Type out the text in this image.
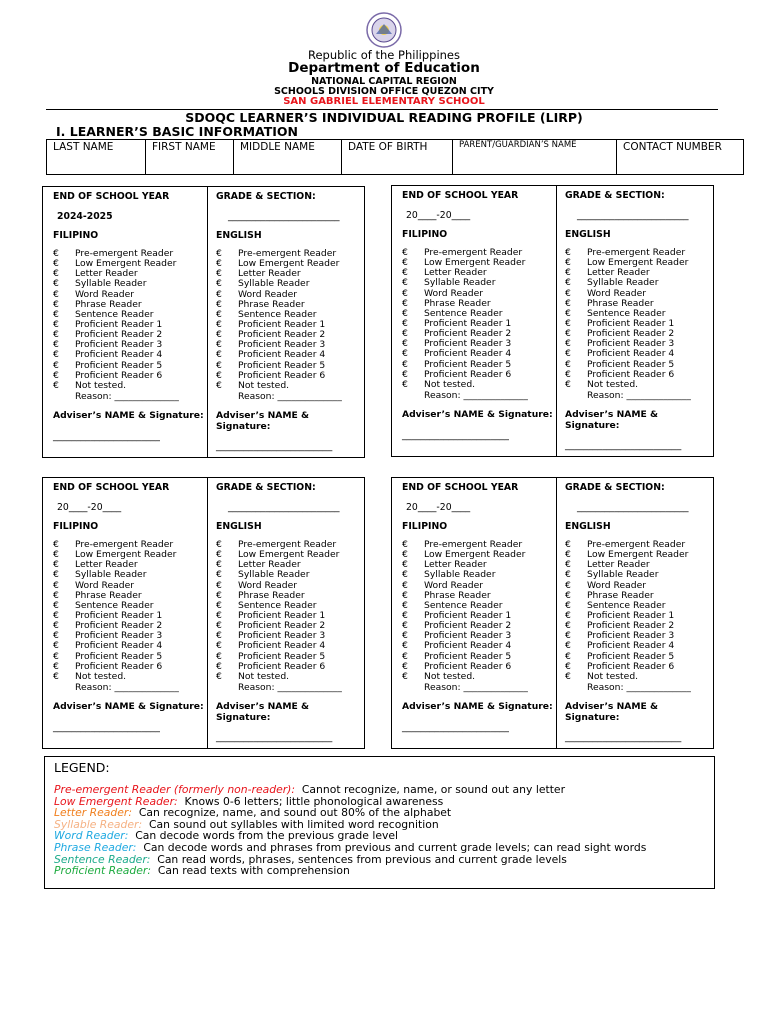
Republic of the Philippines
Department of Education
NATIONAL CAPITAL REGION
SCHOOLS DIVISION OFFICE QUEZON CITY
SAN GABRIEL ELEMENTARY SCHOOL
SDOQC LEARNER’S INDIVIDUAL READING PROFILE (LIRP)
I. LEARNER’S BASIC INFORMATION
LAST NAME	FIRST NAME	MIDDLE NAME	DATE OF BIRTH	PARENT/GUARDIAN’S NAME	CONTACT NUMBER
END OF SCHOOL YEAR
2024-2025
FILIPINO
€ Pre-emergent Reader
€ Low Emergent Reader
€ Letter Reader
€ Syllable Reader
€ Word Reader
€ Phrase Reader
€ Sentence Reader
€ Proficient Reader 1
€ Proficient Reader 2
€ Proficient Reader 3
€ Proficient Reader 4
€ Proficient Reader 5
€ Proficient Reader 6
€ Not tested.
Reason: ______________
Adviser’s NAME & Signature:
_______________________
GRADE & SECTION:
________________________
ENGLISH
€ Pre-emergent Reader
€ Low Emergent Reader
€ Letter Reader
€ Syllable Reader
€ Word Reader
€ Phrase Reader
€ Sentence Reader
€ Proficient Reader 1
€ Proficient Reader 2
€ Proficient Reader 3
€ Proficient Reader 4
€ Proficient Reader 5
€ Proficient Reader 6
€ Not tested.
Reason: ______________
Adviser’s NAME & Signature:
_________________________
END OF SCHOOL YEAR
20____-20____
FILIPINO
€ Pre-emergent Reader
€ Low Emergent Reader
€ Letter Reader
€ Syllable Reader
€ Word Reader
€ Phrase Reader
€ Sentence Reader
€ Proficient Reader 1
€ Proficient Reader 2
€ Proficient Reader 3
€ Proficient Reader 4
€ Proficient Reader 5
€ Proficient Reader 6
€ Not tested.
Reason: ______________
Adviser’s NAME & Signature:
_______________________
GRADE & SECTION:
________________________
ENGLISH
€ Pre-emergent Reader
€ Low Emergent Reader
€ Letter Reader
€ Syllable Reader
€ Word Reader
€ Phrase Reader
€ Sentence Reader
€ Proficient Reader 1
€ Proficient Reader 2
€ Proficient Reader 3
€ Proficient Reader 4
€ Proficient Reader 5
€ Proficient Reader 6
€ Not tested.
Reason: ______________
Adviser’s NAME & Signature:
_________________________
END OF SCHOOL YEAR
20____-20____
FILIPINO
€ Pre-emergent Reader
€ Low Emergent Reader
€ Letter Reader
€ Syllable Reader
€ Word Reader
€ Phrase Reader
€ Sentence Reader
€ Proficient Reader 1
€ Proficient Reader 2
€ Proficient Reader 3
€ Proficient Reader 4
€ Proficient Reader 5
€ Proficient Reader 6
€ Not tested.
Reason: ______________
Adviser’s NAME & Signature:
_______________________
GRADE & SECTION:
________________________
ENGLISH
€ Pre-emergent Reader
€ Low Emergent Reader
€ Letter Reader
€ Syllable Reader
€ Word Reader
€ Phrase Reader
€ Sentence Reader
€ Proficient Reader 1
€ Proficient Reader 2
€ Proficient Reader 3
€ Proficient Reader 4
€ Proficient Reader 5
€ Proficient Reader 6
€ Not tested.
Reason: ______________
Adviser’s NAME & Signature:
_________________________
END OF SCHOOL YEAR
20____-20____
FILIPINO
€ Pre-emergent Reader
€ Low Emergent Reader
€ Letter Reader
€ Syllable Reader
€ Word Reader
€ Phrase Reader
€ Sentence Reader
€ Proficient Reader 1
€ Proficient Reader 2
€ Proficient Reader 3
€ Proficient Reader 4
€ Proficient Reader 5
€ Proficient Reader 6
€ Not tested.
Reason: ______________
Adviser’s NAME & Signature:
_______________________
GRADE & SECTION:
________________________
ENGLISH
€ Pre-emergent Reader
€ Low Emergent Reader
€ Letter Reader
€ Syllable Reader
€ Word Reader
€ Phrase Reader
€ Sentence Reader
€ Proficient Reader 1
€ Proficient Reader 2
€ Proficient Reader 3
€ Proficient Reader 4
€ Proficient Reader 5
€ Proficient Reader 6
€ Not tested.
Reason: ______________
Adviser’s NAME & Signature:
_________________________
LEGEND:
Pre-emergent Reader (formerly non-reader): Cannot recognize, name, or sound out any letter
Low Emergent Reader: Knows 0-6 letters; little phonological awareness
Letter Reader: Can recognize, name, and sound out 80% of the alphabet
Syllable Reader: Can sound out syllables with limited word recognition
Word Reader: Can decode words from the previous grade level
Phrase Reader: Can decode words and phrases from previous and current grade levels; can read sight words
Sentence Reader: Can read words, phrases, sentences from previous and current grade levels
Proficient Reader: Can read texts with comprehension
